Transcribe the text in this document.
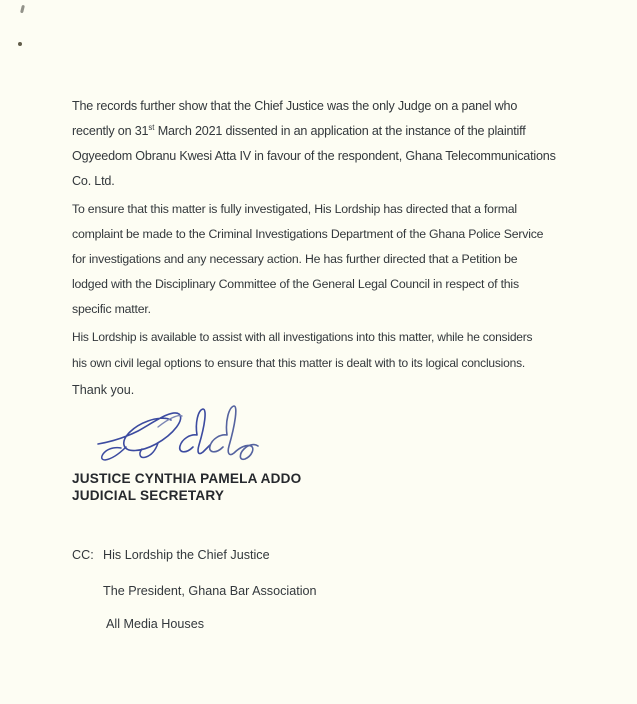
The records further show that the Chief Justice was the only Judge on a panel who
recently on 31st March 2021 dissented in an application at the instance of the plaintiff
Ogyeedom Obranu Kwesi Atta IV in favour of the respondent, Ghana Telecommunications
Co. Ltd.
To ensure that this matter is fully investigated, His Lordship has directed that a formal
complaint be made to the Criminal Investigations Department of the Ghana Police Service
for investigations and any necessary action. He has further directed that a Petition be
lodged with the Disciplinary Committee of the General Legal Council in respect of this
specific matter.
His Lordship is available to assist with all investigations into this matter, while he considers
his own civil legal options to ensure that this matter is dealt with to its logical conclusions.
Thank you.
JUSTICE CYNTHIA PAMELA ADDO
JUDICIAL SECRETARY
CC: His Lordship the Chief Justice
The President, Ghana Bar Association
All Media Houses
